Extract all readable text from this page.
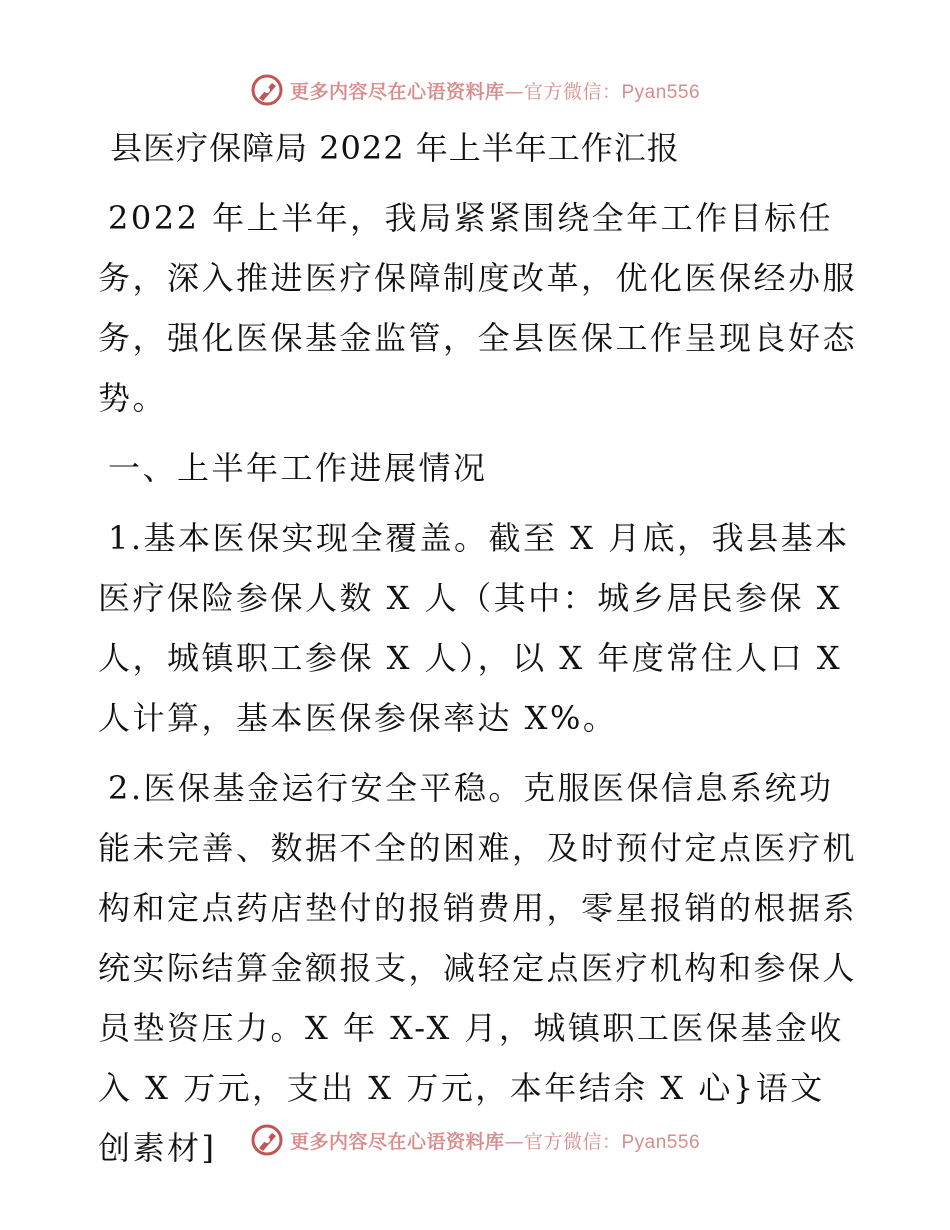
更多内容尽在心语资料库—官方微信：Pyan556
县医疗保障局 2022 年上半年工作汇报

2022 年上半年，我局紧紧围绕全年工作目标任务，深入推进医疗保障制度改革，优化医保经办服务，强化医保基金监管，全县医保工作呈现良好态势。

一、上半年工作进展情况

1.基本医保实现全覆盖。截至 X 月底，我县基本医疗保险参保人数 X 人（其中：城乡居民参保 X 人，城镇职工参保 X 人），以 X 年度常住人口 X 人计算，基本医保参保率达 X%。

2.医保基金运行安全平稳。克服医保信息系统功能未完善、数据不全的困难，及时预付定点医疗机构和定点药店垫付的报销费用，零星报销的根据系统实际结算金额报支，减轻定点医疗机构和参保人员垫资压力。X 年 X-X 月，城镇职工医保基金收入 X 万元，支出 X 万元，本年结余 X 心}语文创素材]	更多内容尽在心语资料库—官方微信：Pyan556
